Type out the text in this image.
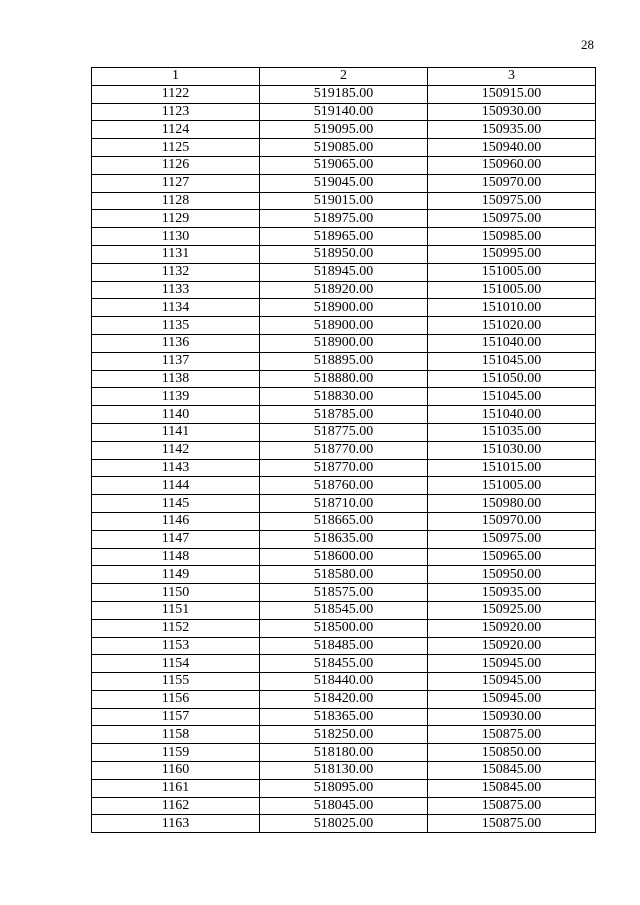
28
1	2	3
1122	519185.00	150915.00
1123	519140.00	150930.00
1124	519095.00	150935.00
1125	519085.00	150940.00
1126	519065.00	150960.00
1127	519045.00	150970.00
1128	519015.00	150975.00
1129	518975.00	150975.00
1130	518965.00	150985.00
1131	518950.00	150995.00
1132	518945.00	151005.00
1133	518920.00	151005.00
1134	518900.00	151010.00
1135	518900.00	151020.00
1136	518900.00	151040.00
1137	518895.00	151045.00
1138	518880.00	151050.00
1139	518830.00	151045.00
1140	518785.00	151040.00
1141	518775.00	151035.00
1142	518770.00	151030.00
1143	518770.00	151015.00
1144	518760.00	151005.00
1145	518710.00	150980.00
1146	518665.00	150970.00
1147	518635.00	150975.00
1148	518600.00	150965.00
1149	518580.00	150950.00
1150	518575.00	150935.00
1151	518545.00	150925.00
1152	518500.00	150920.00
1153	518485.00	150920.00
1154	518455.00	150945.00
1155	518440.00	150945.00
1156	518420.00	150945.00
1157	518365.00	150930.00
1158	518250.00	150875.00
1159	518180.00	150850.00
1160	518130.00	150845.00
1161	518095.00	150845.00
1162	518045.00	150875.00
1163	518025.00	150875.00
